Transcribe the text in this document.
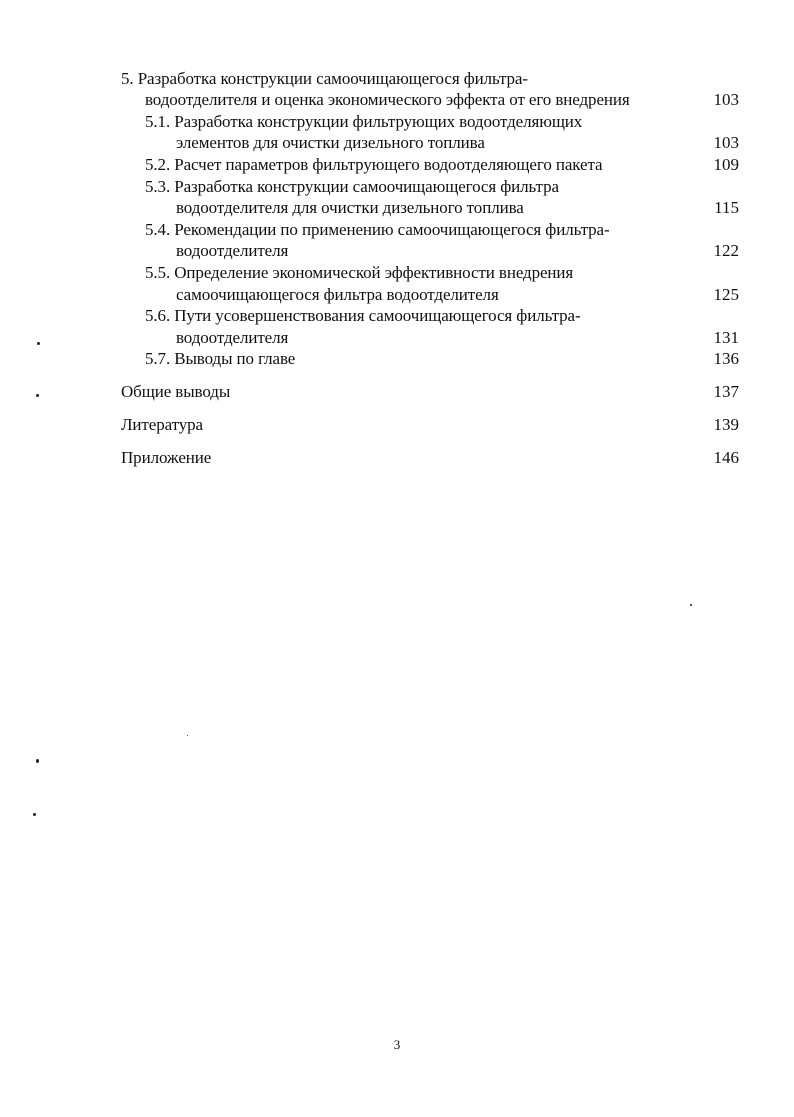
5. Разработка конструкции самоочищающегося фильтра-
водоотделителя и оценка экономического эффекта от его внедрения	103
5.1. Разработка конструкции фильтрующих водоотделяющих
элементов для очистки дизельного топлива	103
5.2. Расчет параметров фильтрующего водоотделяющего пакета	109
5.3. Разработка конструкции самоочищающегося фильтра
водоотделителя для очистки дизельного топлива	115
5.4. Рекомендации по применению самоочищающегося фильтра-
водоотделителя	122
5.5. Определение экономической эффективности внедрения
самоочищающегося фильтра водоотделителя	125
5.6. Пути усовершенствования самоочищающегося фильтра-
водоотделителя	131
5.7. Выводы по главе	136
Общие выводы	137
Литература	139
Приложение	146
3
